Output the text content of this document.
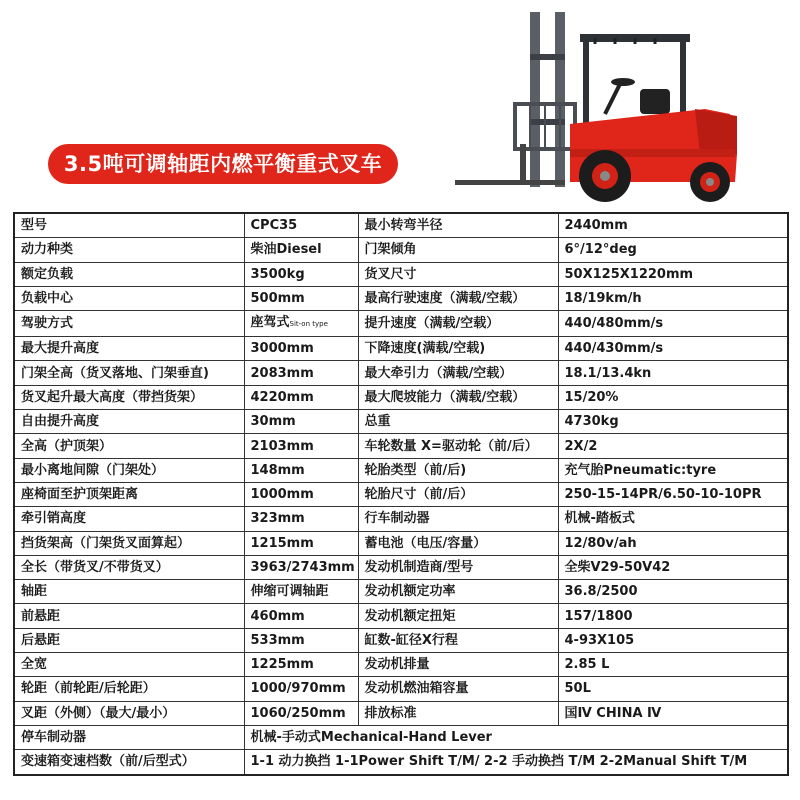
3.5吨可调轴距内燃平衡重式叉车
型号	CPC35	最小转弯半径	2440mm
动力种类	柴油Diesel	门架倾角	6°/12°deg
额定负载	3500kg	货叉尺寸	50X125X1220mm
负载中心	500mm	最高行驶速度（满载/空载）	18/19km/h
驾驶方式	座驾式Sit-on type	提升速度（满载/空载）	440/480mm/s
最大提升高度	3000mm	下降速度(满载/空载)	440/430mm/s
门架全高（货叉落地、门架垂直)	2083mm	最大牵引力（满载/空载）	18.1/13.4kn
货叉起升最大高度（带挡货架）	4220mm	最大爬坡能力（满载/空载）	15/20%
自由提升高度	30mm	总重	4730kg
全高（护顶架）	2103mm	车轮数量 X=驱动轮（前/后）	2X/2
最小离地间隙（门架处）	148mm	轮胎类型（前/后)	充气胎Pneumatic:tyre
座椅面至护顶架距离	1000mm	轮胎尺寸（前/后）	250-15-14PR/6.50-10-10PR
牵引销高度	323mm	行车制动器	机械-踏板式
挡货架高（门架货叉面算起）	1215mm	蓄电池（电压/容量）	12/80v/ah
全长（带货叉/不带货叉）	3963/2743mm	发动机制造商/型号	全柴V29-50V42
轴距	伸缩可调轴距	发动机额定功率	36.8/2500
前悬距	460mm	发动机额定扭矩	157/1800
后悬距	533mm	缸数-缸径X行程	4-93X105
全宽	1225mm	发动机排量	2.85 L
轮距（前轮距/后轮距）	1000/970mm	发动机燃油箱容量	50L
叉距（外侧）（最大/最小）	1060/250mm	排放标准	国Ⅳ CHINA Ⅳ
停车制动器	机械-手动式Mechanical-Hand Lever		
变速箱变速档数（前/后型式）	1-1 动力换挡 1-1Power Shift T/M/ 2-2 手动换挡 T/M 2-2Manual Shift T/M		
